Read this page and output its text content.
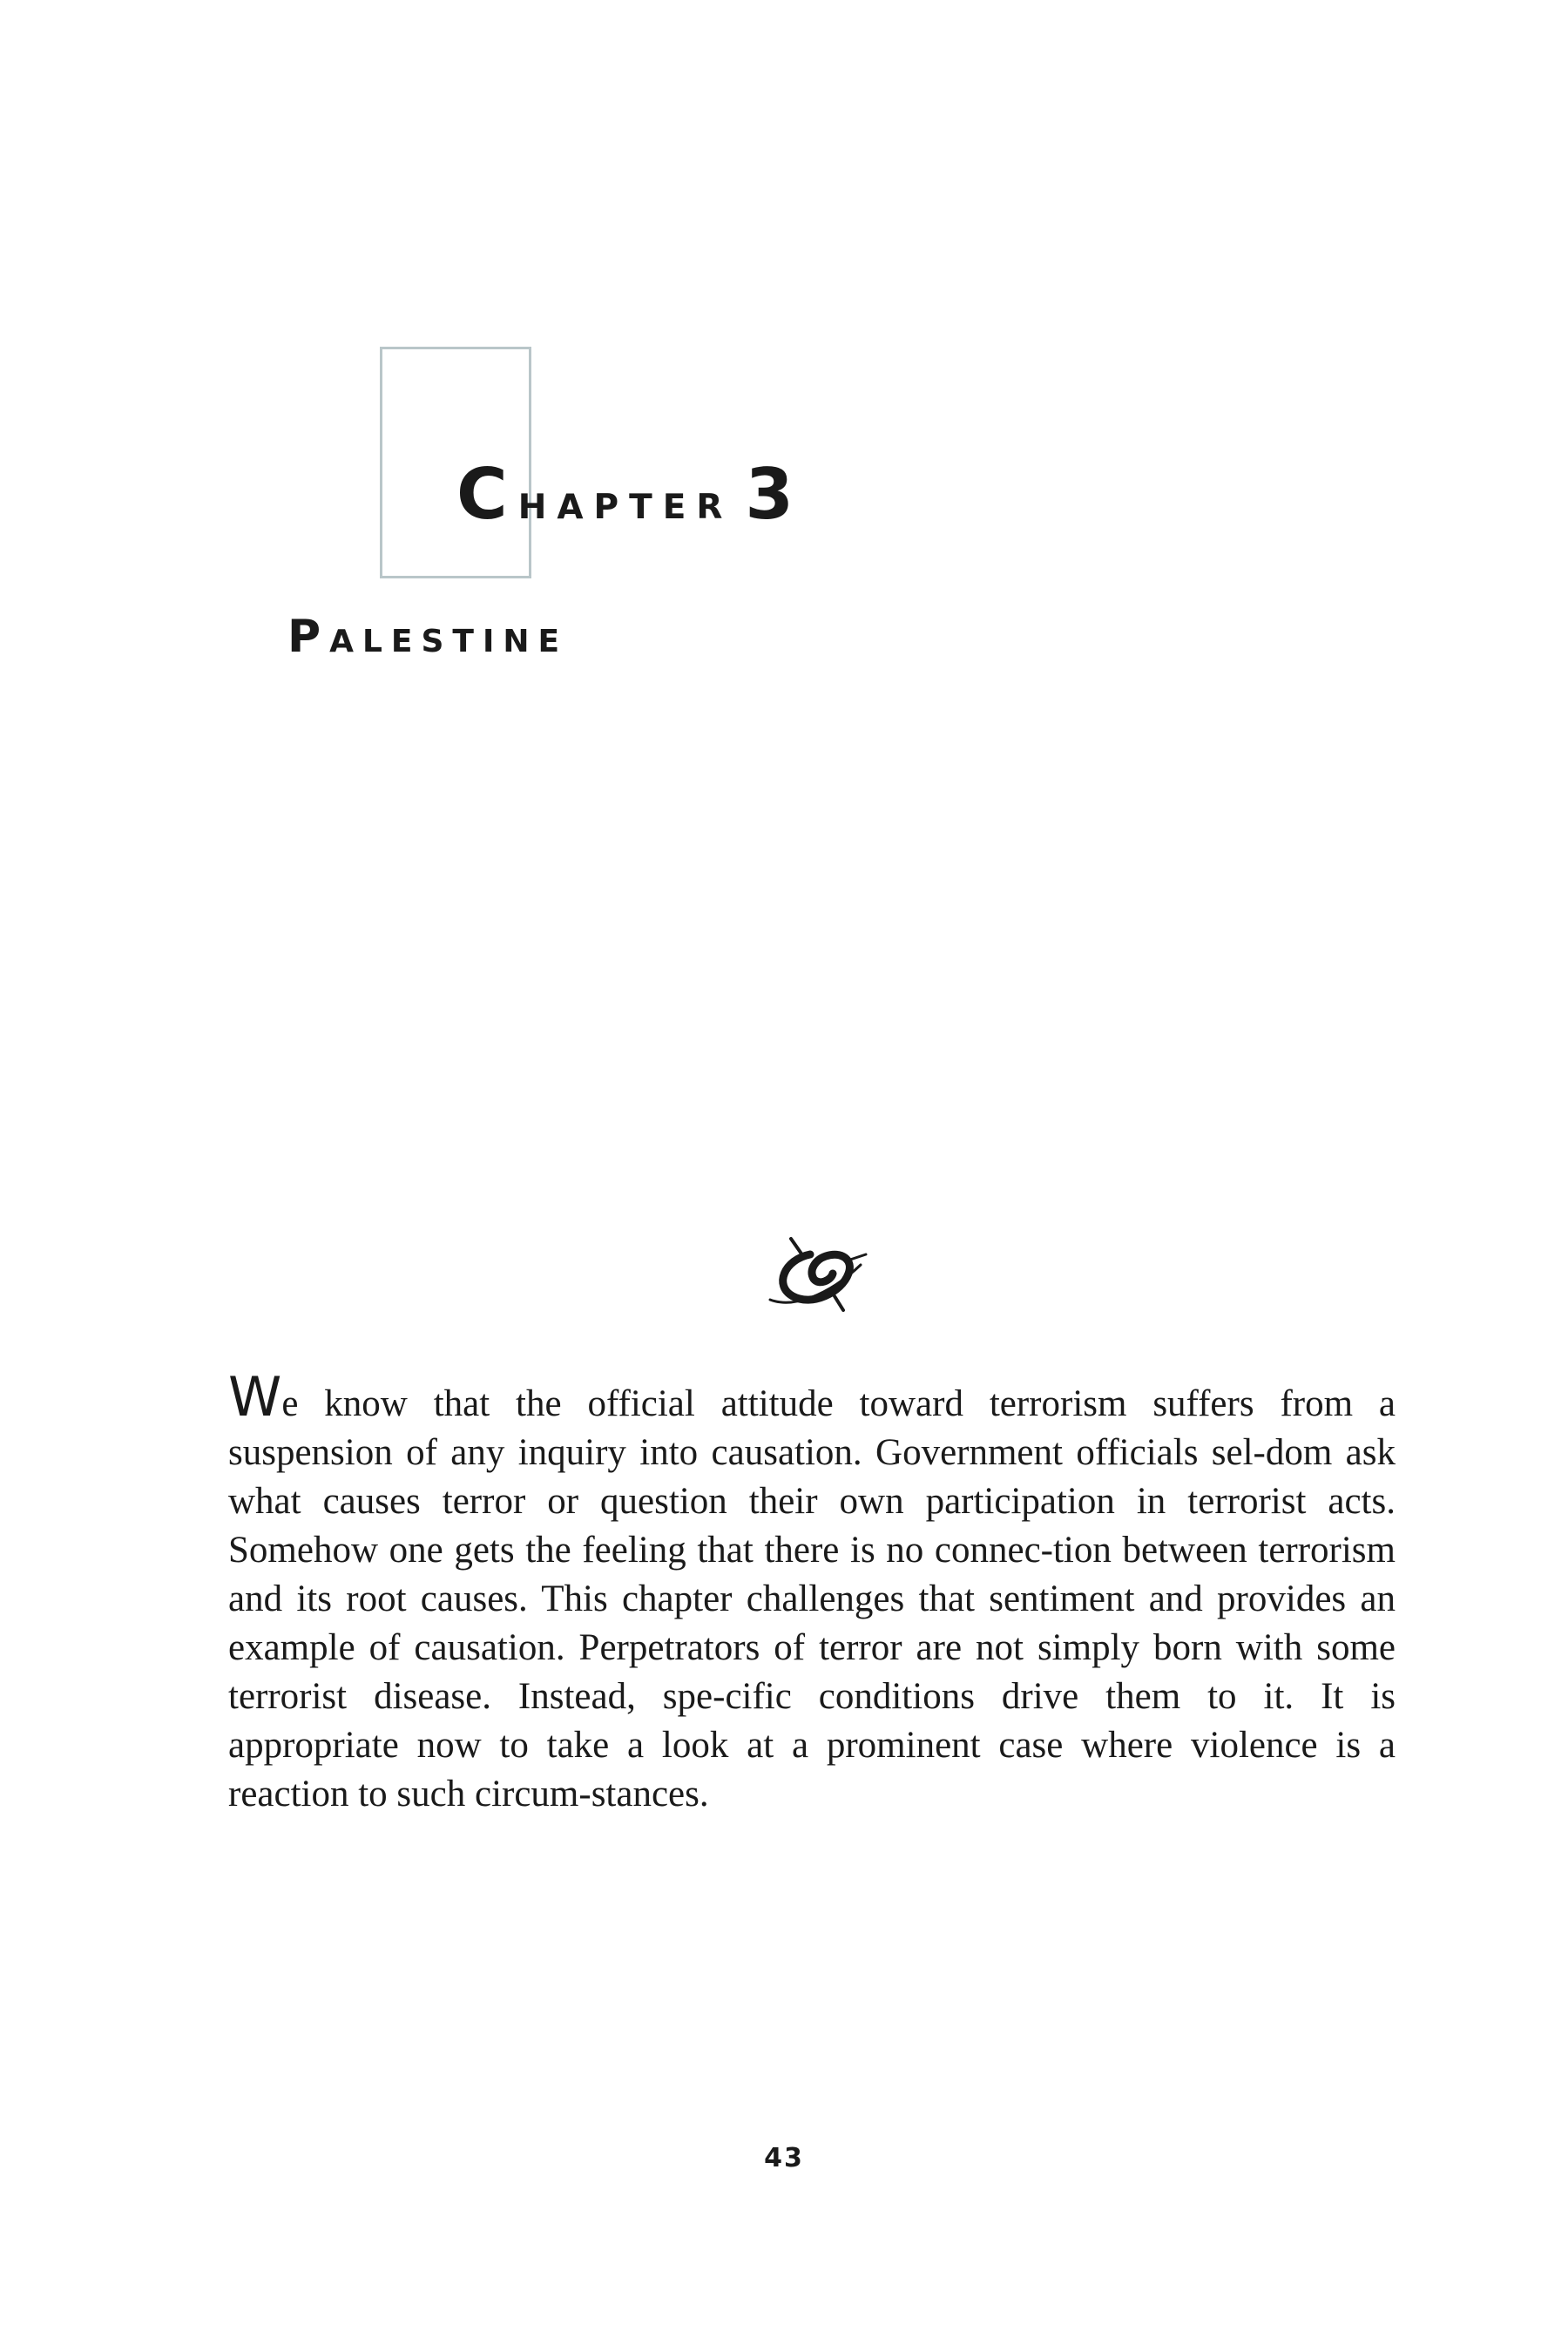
Chapter 3
Palestine

We know that the official attitude toward terrorism suffers from a suspension of any inquiry into causation. Government officials sel-dom ask what causes terror or question their own participation in terrorist acts. Somehow one gets the feeling that there is no connec-tion between terrorism and its root causes. This chapter challenges that sentiment and provides an example of causation. Perpetrators of terror are not simply born with some terrorist disease. Instead, spe-cific conditions drive them to it. It is appropriate now to take a look at a prominent case where violence is a reaction to such circum-stances.

43
